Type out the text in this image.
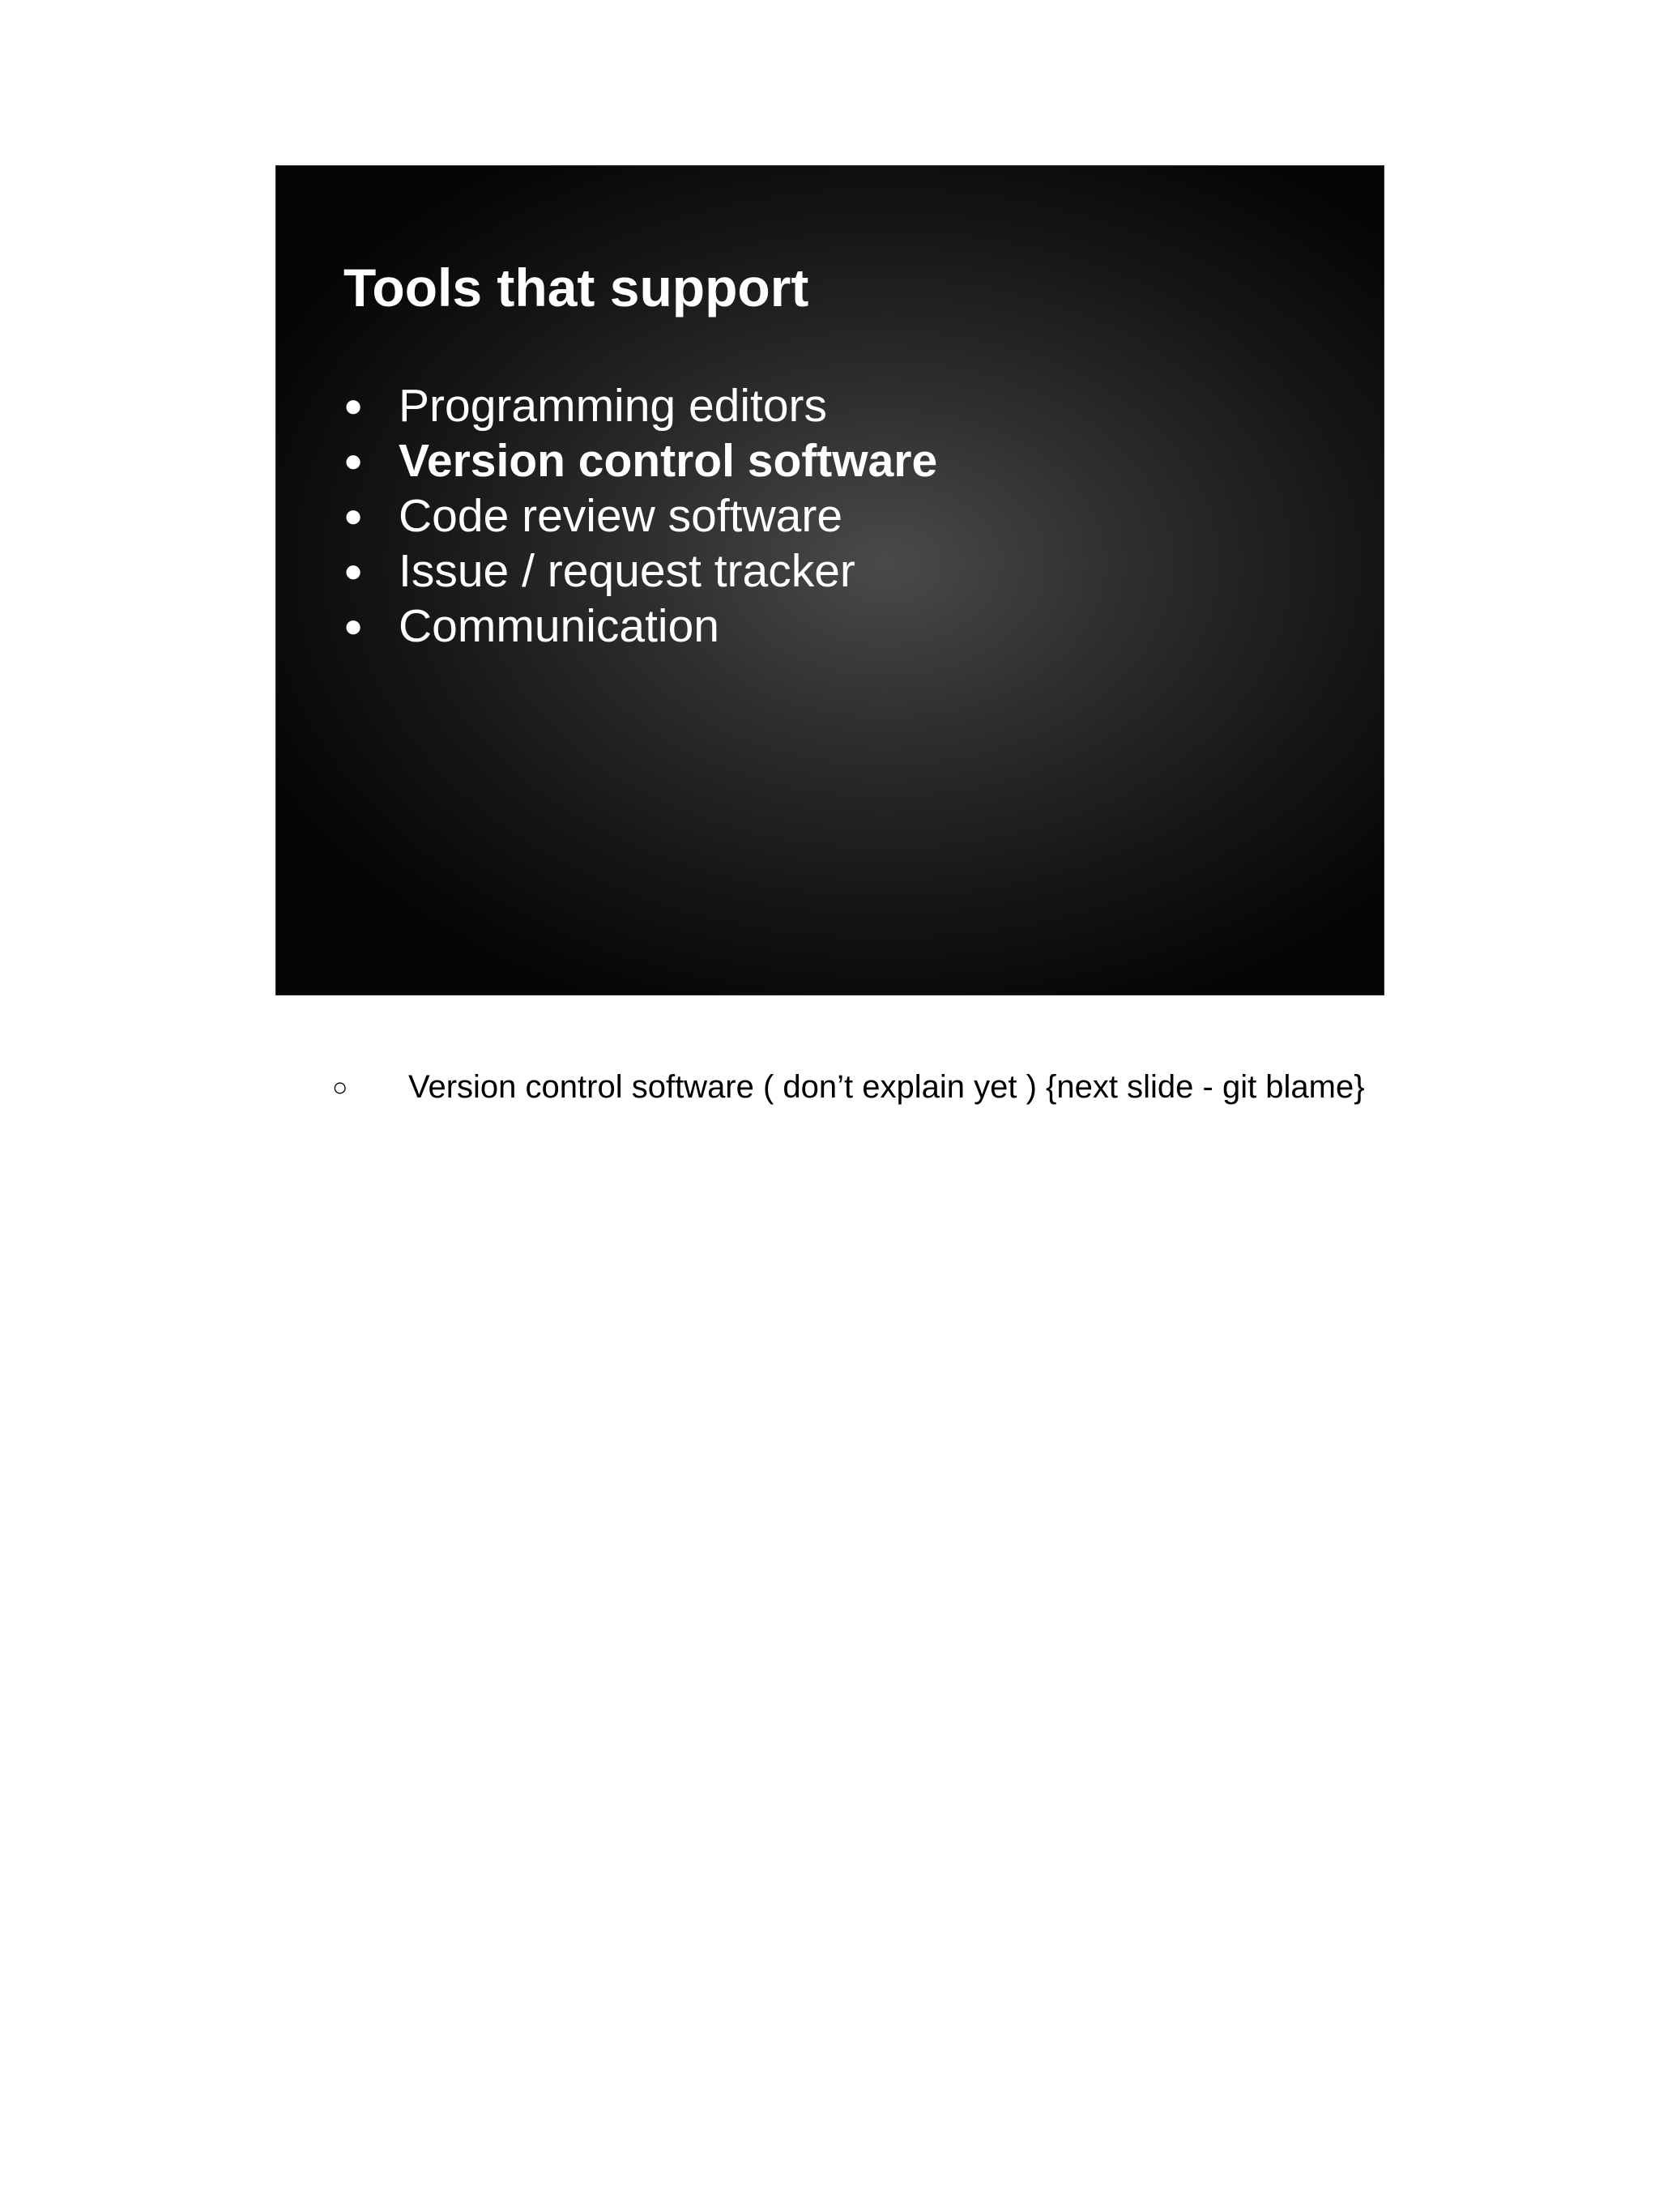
Tools that support
● Programming editors
● Version control software
● Code review software
● Issue / request tracker
● Communication
○	Version control software ( don’t explain yet ) {next slide - git blame}
